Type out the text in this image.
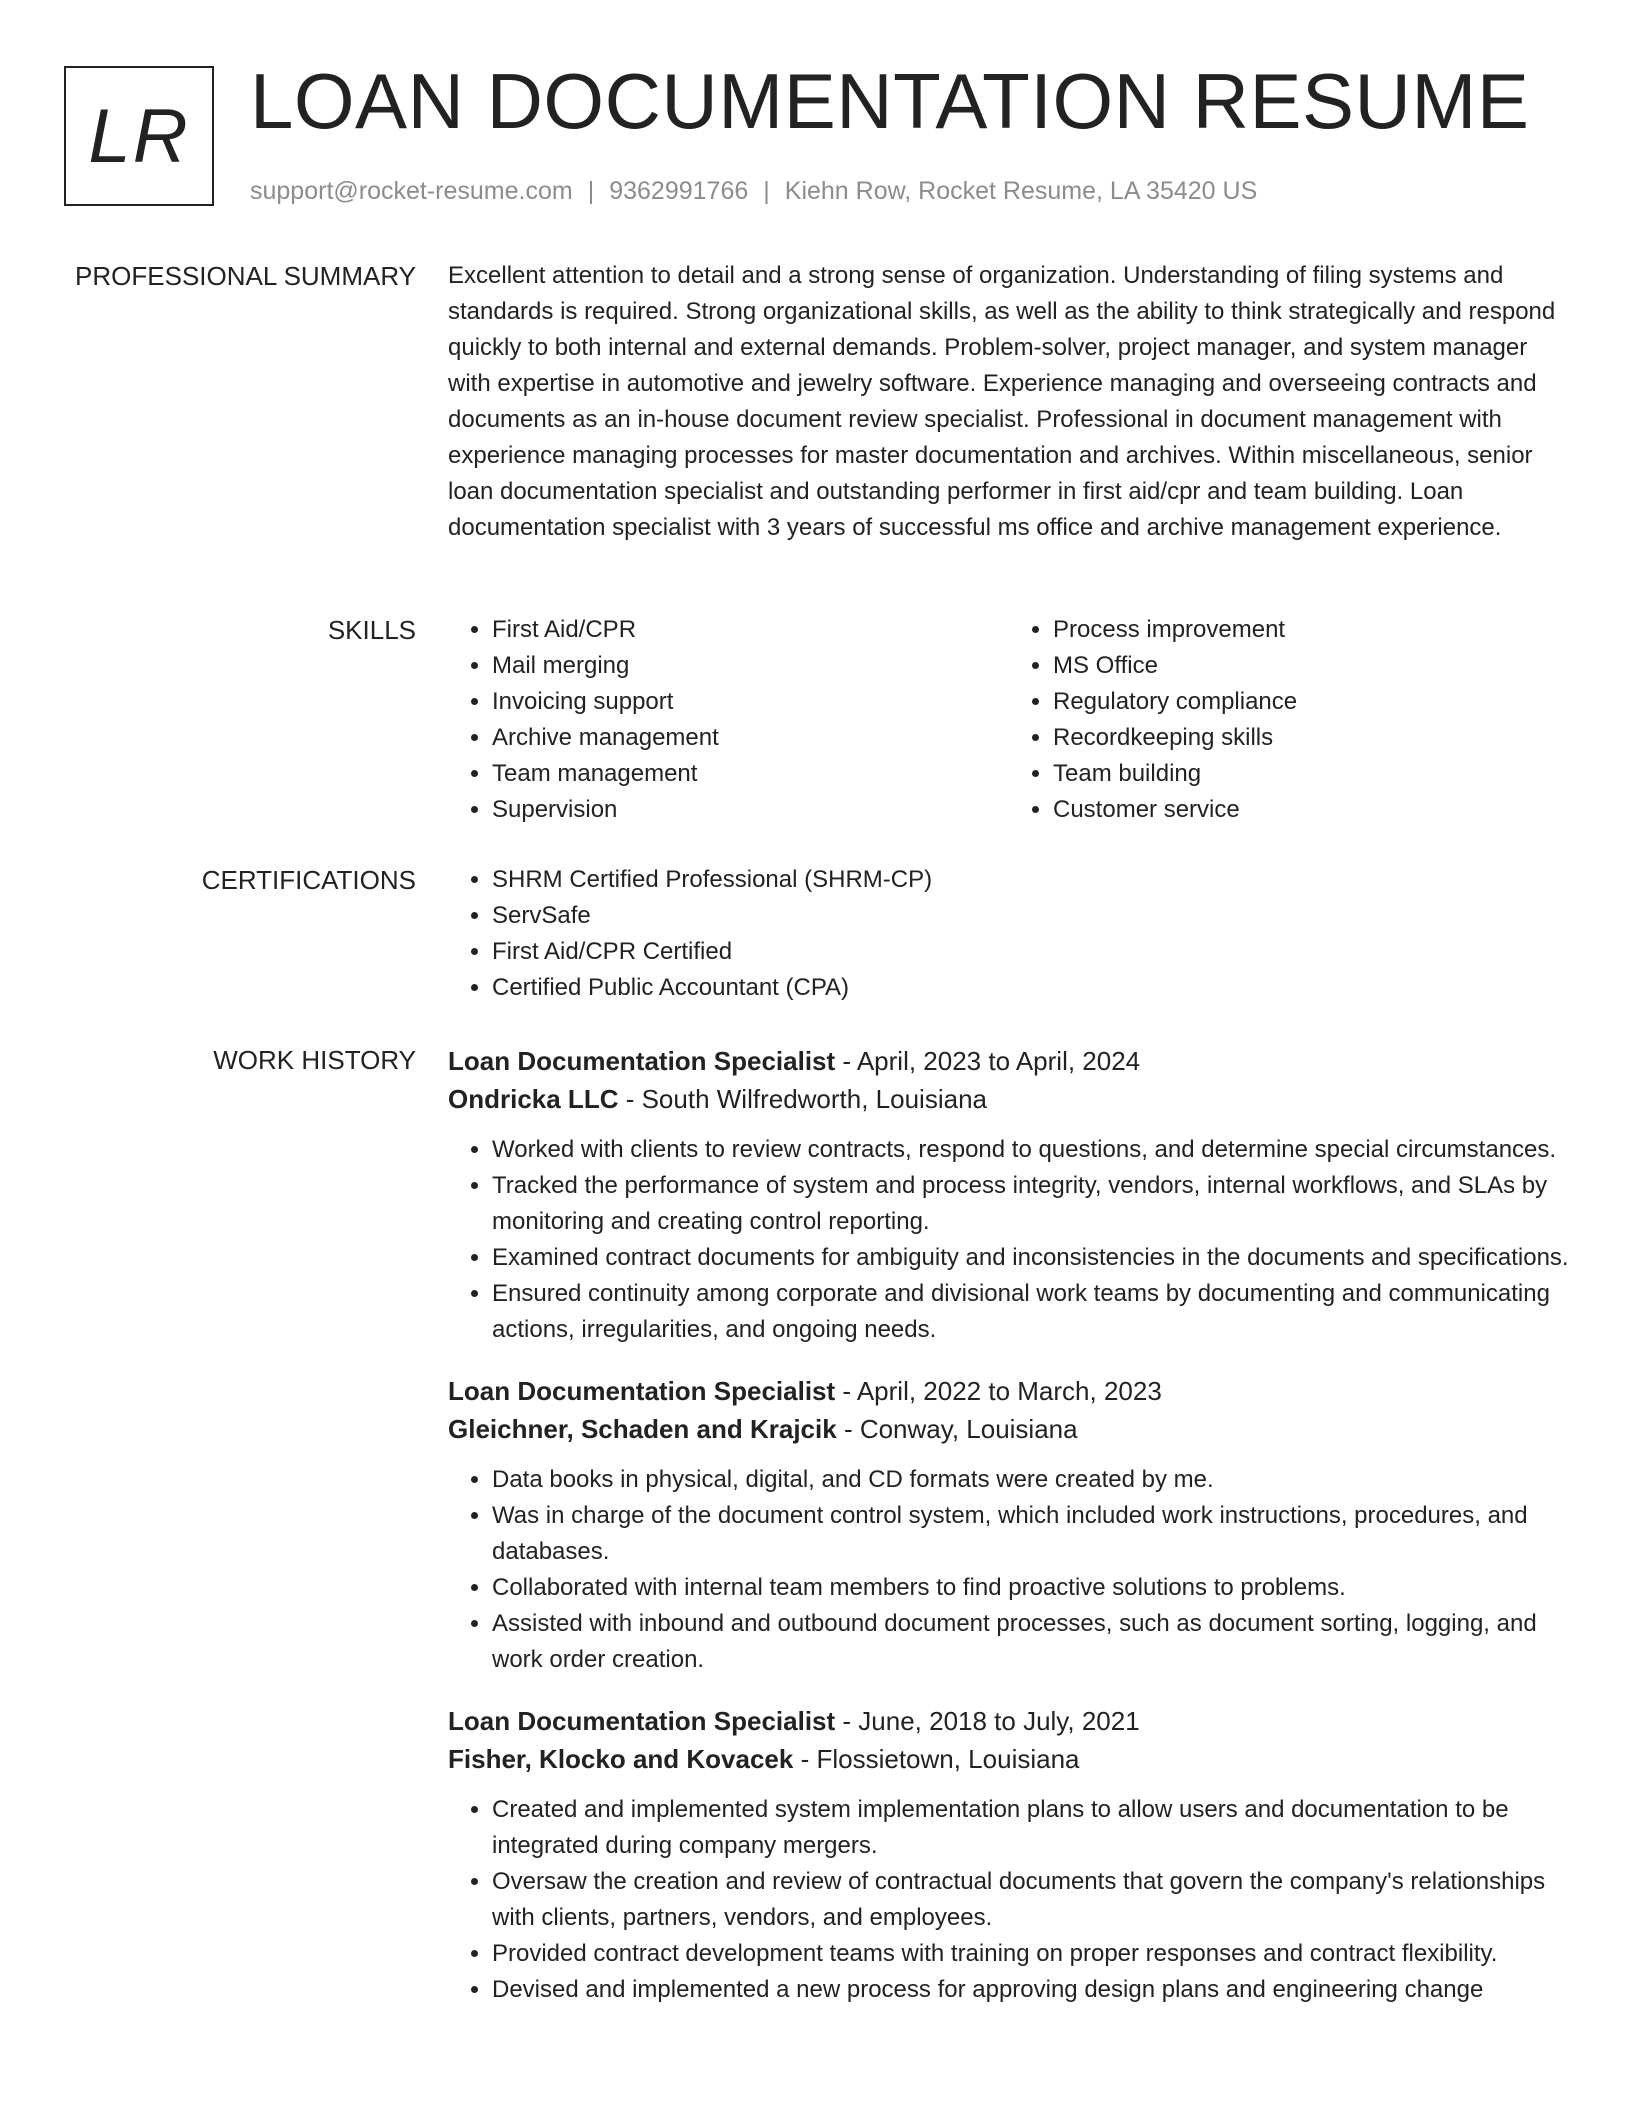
LR LOAN DOCUMENTATION RESUME
support@rocket-resume.com | 9362991766 | Kiehn Row, Rocket Resume, LA 35420 US
PROFESSIONAL SUMMARY Excellent attention to detail and a strong sense of organization. Understanding of filing systems and standards is required. Strong organizational skills, as well as the ability to think strategically and respond quickly to both internal and external demands. Problem-solver, project manager, and system manager with expertise in automotive and jewelry software. Experience managing and overseeing contracts and documents as an in-house document review specialist. Professional in document management with experience managing processes for master documentation and archives. Within miscellaneous, senior loan documentation specialist and outstanding performer in first aid/cpr and team building. Loan documentation specialist with 3 years of successful ms office and archive management experience.
SKILLS	• First Aid/CPR
• Mail merging
• Invoicing support
• Archive management
• Team management
• Supervision
• Process improvement
• MS Office
• Regulatory compliance
• Recordkeeping skills
• Team building
• Customer service
CERTIFICATIONS	• SHRM Certified Professional (SHRM-CP)
• ServSafe
• First Aid/CPR Certified
• Certified Public Accountant (CPA)
WORK HISTORY Loan Documentation Specialist - April, 2023 to April, 2024
Ondricka LLC - South Wilfredworth, Louisiana
• Worked with clients to review contracts, respond to questions, and determine special circumstances.
• Tracked the performance of system and process integrity, vendors, internal workflows, and SLAs by monitoring and creating control reporting.
• Examined contract documents for ambiguity and inconsistencies in the documents and specifications.
• Ensured continuity among corporate and divisional work teams by documenting and communicating actions, irregularities, and ongoing needs.
Loan Documentation Specialist - April, 2022 to March, 2023
Gleichner, Schaden and Krajcik - Conway, Louisiana
• Data books in physical, digital, and CD formats were created by me.
• Was in charge of the document control system, which included work instructions, procedures, and databases.
• Collaborated with internal team members to find proactive solutions to problems.
• Assisted with inbound and outbound document processes, such as document sorting, logging, and work order creation.
Loan Documentation Specialist - June, 2018 to July, 2021
Fisher, Klocko and Kovacek - Flossietown, Louisiana
• Created and implemented system implementation plans to allow users and documentation to be integrated during company mergers.
• Oversaw the creation and review of contractual documents that govern the company's relationships with clients, partners, vendors, and employees.
• Provided contract development teams with training on proper responses and contract flexibility.
• Devised and implemented a new process for approving design plans and engineering change
